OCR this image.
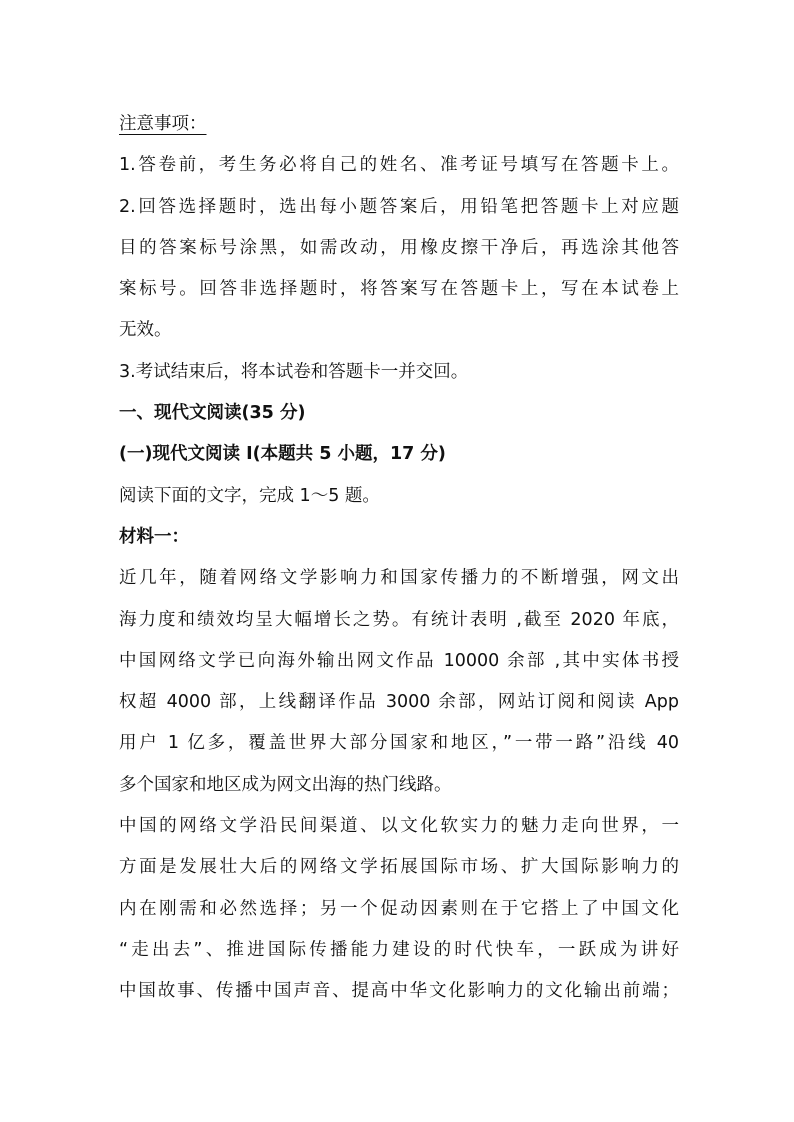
注意事项：
1.答卷前，考生务必将自己的姓名、准考证号填写在答题卡上。
2.回答选择题时，选出每小题答案后，用铅笔把答题卡上对应题
目的答案标号涂黑，如需改动，用橡皮擦干净后，再选涂其他答
案标号。回答非选择题时，将答案写在答题卡上，写在本试卷上
无效。
3.考试结束后，将本试卷和答题卡一并交回。
一、现代文阅读(35 分)
(一)现代文阅读 I(本题共 5 小题，17 分)
阅读下面的文字，完成 1～5 题。
材料一：
近几年，随着网络文学影响力和国家传播力的不断增强，网文出
海力度和绩效均呈大幅增长之势。有统计表明 ,截至 2020 年底，
中国网络文学已向海外输出网文作品 10000 余部 ,其中实体书授
权超 4000 部，上线翻译作品 3000 余部，网站订阅和阅读 App
用户 1 亿多，覆盖世界大部分国家和地区，”一带一路”沿线 40
多个国家和地区成为网文出海的热门线路。
中国的网络文学沿民间渠道、以文化软实力的魅力走向世界，一
方面是发展壮大后的网络文学拓展国际市场、扩大国际影响力的
内在刚需和必然选择；另一个促动因素则在于它搭上了中国文化
“走出去”、推进国际传播能力建设的时代快车，一跃成为讲好
中国故事、传播中国声音、提高中华文化影响力的文化输出前端；
